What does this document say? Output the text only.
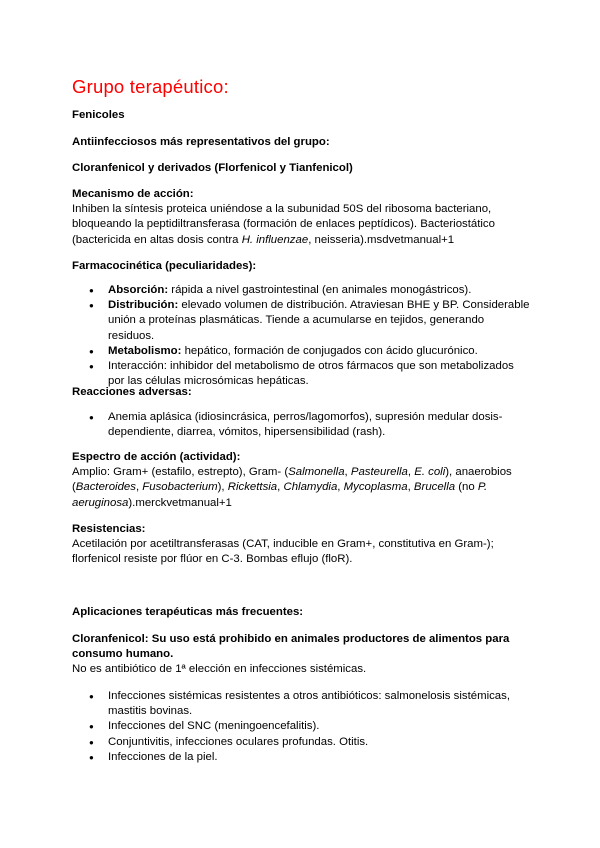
Grupo terapéutico:
Fenicoles
Antiinfecciosos más representativos del grupo:
Cloranfenicol y derivados (Florfenicol y Tianfenicol)
Mecanismo de acción:
Inhiben la síntesis proteica uniéndose a la subunidad 50S del ribosoma bacteriano,
bloqueando la peptidiltransferasa (formación de enlaces peptídicos). Bacteriostático
(bactericida en altas dosis contra H. influenzae, neisseria).msdvetmanual+1
Farmacocinética (peculiaridades):
● Absorción: rápida a nivel gastrointestinal (en animales monogástricos).
● Distribución: elevado volumen de distribución. Atraviesan BHE y BP. Considerable unión a proteínas plasmáticas. Tiende a acumularse en tejidos, generando residuos.
● Metabolismo: hepático, formación de conjugados con ácido glucurónico.
● Interacción: inhibidor del metabolismo de otros fármacos que son metabolizados por las células microsómicas hepáticas.
Reacciones adversas:
● Anemia aplásica (idiosincrásica, perros/lagomorfos), supresión medular dosis-dependiente, diarrea, vómitos, hipersensibilidad (rash).
Espectro de acción (actividad):
Amplio: Gram+ (estafilo, estrepto), Gram- (Salmonella, Pasteurella, E. coli), anaerobios (Bacteroides, Fusobacterium), Rickettsia, Chlamydia, Mycoplasma, Brucella (no P. aeruginosa).merckvetmanual+1
Resistencias:
Acetilación por acetiltransferasas (CAT, inducible en Gram+, constitutiva en Gram-);
florfenicol resiste por flúor en C-3. Bombas eflujo (floR).
Aplicaciones terapéuticas más frecuentes:
Cloranfenicol: Su uso está prohibido en animales productores de alimentos para consumo humano.
No es antibiótico de 1ª elección en infecciones sistémicas.
● Infecciones sistémicas resistentes a otros antibióticos: salmonelosis sistémicas, mastitis bovinas.
● Infecciones del SNC (meningoencefalitis).
● Conjuntivitis, infecciones oculares profundas. Otitis.
● Infecciones de la piel.
